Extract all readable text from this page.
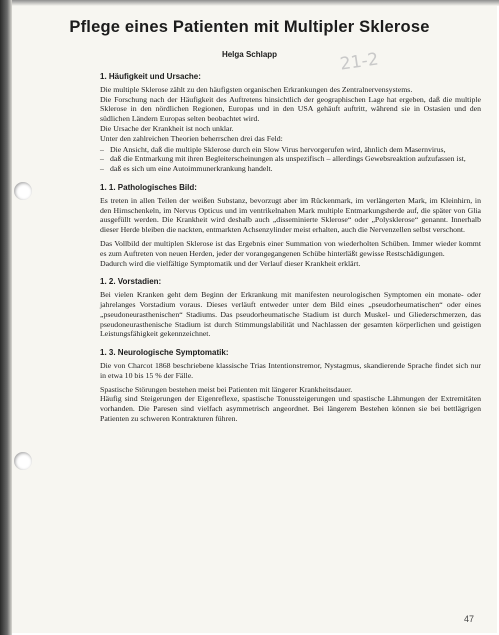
Pflege eines Patienten mit Multipler Sklerose
Helga Schlapp	21-2
1. Häufigkeit und Ursache:

Die multiple Sklerose zählt zu den häufigsten organischen Erkrankungen des Zentralnervensystems.

Die Forschung nach der Häufigkeit des Auftretens hinsichtlich der geographischen Lage hat ergeben, daß die multiple Sklerose in den nördlichen Regionen, Europas und in den USA gehäuft auftritt, während sie in Ostasien und den südlichen Ländern Europas selten beobachtet wird.

Die Ursache der Krankheit ist noch unklar.

Unter den zahlreichen Theorien beherrschen drei das Feld:

– Die Ansicht, daß die multiple Sklerose durch ein Slow Virus hervorgerufen wird, ähnlich dem Masernvirus,
– daß die Entmarkung mit ihren Begleiterscheinungen als unspezifisch – allerdings Gewebsreaktion aufzufassen ist,
– daß es sich um eine Autoimmunerkrankung handelt.
1. 1. Pathologisches Bild:

Es treten in allen Teilen der weißen Substanz, bevorzugt aber im Rückenmark, im verlängerten Mark, im Kleinhirn, in den Hirnschenkeln, im Nervus Opticus und im ventrikelnahen Mark multiple Entmarkungsherde auf, die später von Glia ausgefüllt werden. Die Krankheit wird deshalb auch „disseminierte Sklerose“ oder „Polysklerose“ genannt. Innerhalb dieser Herde bleiben die nackten, entmarkten Achsenzylinder meist erhalten, auch die Nervenzellen selbst verschont.

Das Vollbild der multiplen Sklerose ist das Ergebnis einer Summation von wiederholten Schüben. Immer wieder kommt es zum Auftreten von neuen Herden, jeder der vorangegangenen Schübe hinterläßt gewisse Restschädigungen.

Dadurch wird die vielfältige Symptomatik und der Verlauf dieser Krankheit erklärt.

1. 2. Vorstadien:

Bei vielen Kranken geht dem Beginn der Erkrankung mit manifesten neurologischen Symptomen ein monate- oder jahrelanges Vorstadium voraus. Dieses verläuft entweder unter dem Bild eines „pseudorheumatischen“ oder eines „pseudoneurasthenischen“ Stadiums. Das pseudorheumatische Stadium ist durch Muskel- und Gliederschmerzen, das pseudoneurasthenische Stadium ist durch Stimmungslabilität und Nachlassen der gesamten körperlichen und geistigen Leistungsfähigkeit gekennzeichnet.

1. 3. Neurologische Symptomatik:

Die von Charcot 1868 beschriebene klassische Trias Intentionstremor, Nystagmus, skandierende Sprache findet sich nur in etwa 10 bis 15 % der Fälle.

Spastische Störungen bestehen meist bei Patienten mit längerer Krankheitsdauer.

Häufig sind Steigerungen der Eigenreflexe, spastische Tonussteigerungen und spastische Lähmungen der Extremitäten vorhanden. Die Paresen sind vielfach asymmetrisch angeordnet. Bei längerem Bestehen können sie bei bettlägrigen Patienten zu schweren Kontrakturen führen.

47
